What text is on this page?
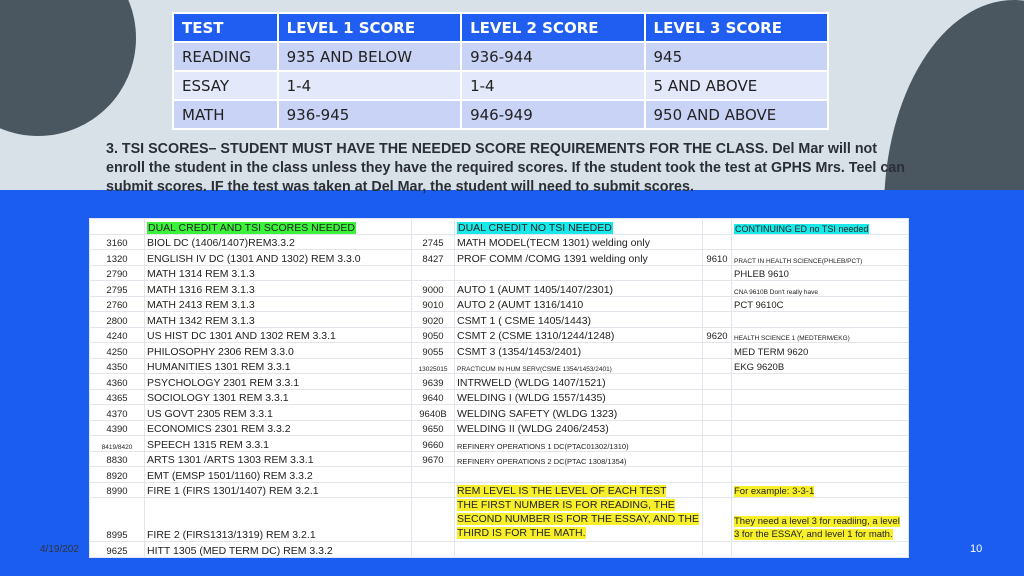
TEST	LEVEL 1 SCORE	LEVEL 2 SCORE	LEVEL 3 SCORE
READING	935 AND BELOW	936-944	945
ESSAY	1-4	1-4	5 AND ABOVE
MATH	936-945	946-949	950 AND ABOVE
3. TSI SCORES– STUDENT MUST HAVE THE NEEDED SCORE REQUIREMENTS FOR THE CLASS. Del Mar will not enroll the student in the class unless they have the required scores. If the student took the test at GPHS Mrs. Teel can submit scores. IF the test was taken at Del Mar, the student will need to submit scores.
	DUAL CREDIT AND TSI SCORES NEEDED		DUAL CREDIT NO TSI NEEDED		CONTINUING ED no TSI needed
3160	BIOL DC (1406/1407)REM3.3.2	2745	MATH MODEL(TECM 1301) welding only		
1320	ENGLISH IV DC (1301 AND 1302) REM 3.3.0	8427	PROF COMM /COMG 1391 welding only	9610	PRACT IN HEALTH SCIENCE(PHLEB/PCT)
2790	MATH 1314 REM 3.1.3				PHLEB 9610
2795	MATH 1316 REM 3.1.3	9000	AUTO 1 (AUMT 1405/1407/2301)		CNA 9610B Don't really have
2760	MATH 2413 REM 3.1.3	9010	AUTO 2 (AUMT 1316/1410		PCT 9610C
2800	MATH 1342 REM 3.1.3	9020	CSMT 1 ( CSME 1405/1443)		
4240	US HIST DC 1301 AND 1302 REM 3.3.1	9050	CSMT 2 (CSME 1310/1244/1248)	9620	HEALTH SCIENCE 1 (MEDTERM/EKG)
4250	PHILOSOPHY 2306 REM 3.3.0	9055	CSMT 3 (1354/1453/2401)		MED TERM 9620
4350	HUMANITIES 1301 REM 3.3.1	13025015	PRACTICUM IN HUM SERV(CSME 1354/1453/2401)		EKG 9620B
4360	PSYCHOLOGY 2301 REM 3.3.1	9639	INTRWELD (WLDG 1407/1521)		
4365	SOCIOLOGY 1301 REM 3.3.1	9640	WELDING I (WLDG 1557/1435)		
4370	US GOVT 2305 REM 3.3.1	9640B	WELDING SAFETY (WLDG 1323)		
4390	ECONOMICS 2301 REM 3.3.2	9650	WELDING II (WLDG 2406/2453)		
8419/8420	SPEECH 1315 REM 3.3.1	9660	REFINERY OPERATIONS 1 DC(PTAC01302/1310)		
8830	ARTS 1301 /ARTS 1303 REM 3.3.1	9670	REFINERY OPERATIONS 2 DC(PTAC 1308/1354)		
8920	EMT (EMSP 1501/1160) REM 3.3.2				
8990	FIRE 1 (FIRS 1301/1407) REM 3.2.1		REM LEVEL IS THE LEVEL OF EACH TEST		For example: 3-3-1
8995	FIRE 2 (FIRS1313/1319) REM 3.2.1		THE FIRST NUMBER IS FOR READING, THE SECOND NUMBER IS FOR THE ESSAY, AND THE THIRD IS FOR THE MATH.		They need a level 3 for readiing, a level 3 for the ESSAY, and level 1 for math.
9625	HITT 1305 (MED TERM DC) REM 3.3.2				
4/19/202	10
